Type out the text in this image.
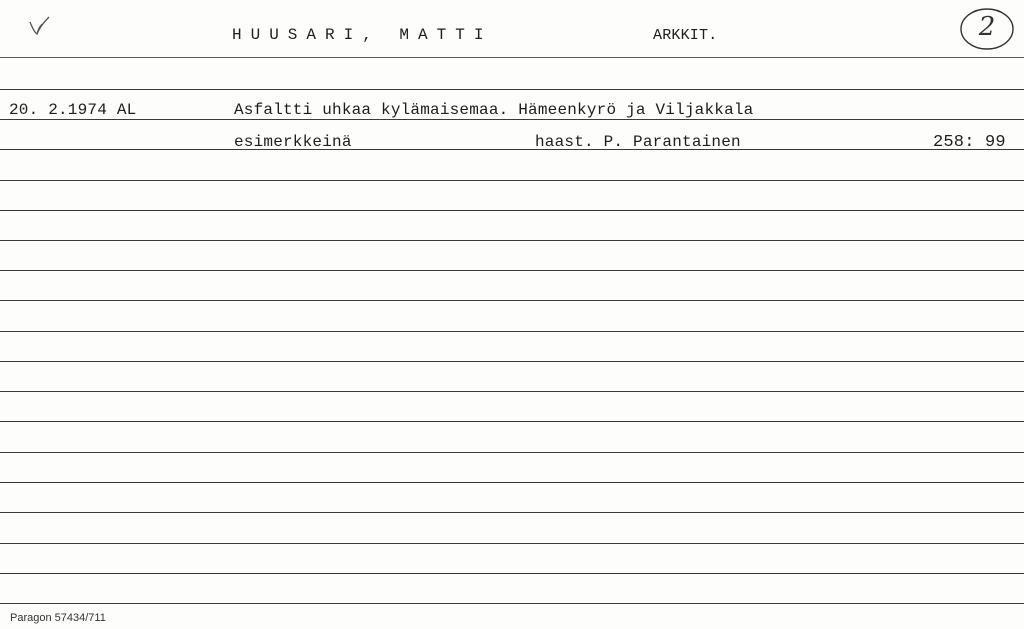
HUUSARI, MATTI	ARKKIT.	2
20. 2.1974 AL	Asfaltti uhkaa kylämaisemaa. Hämeenkyrö ja Viljakkala
esimerkkeinä	haast. P. Parantainen	258: 99
Paragon 57434/711
